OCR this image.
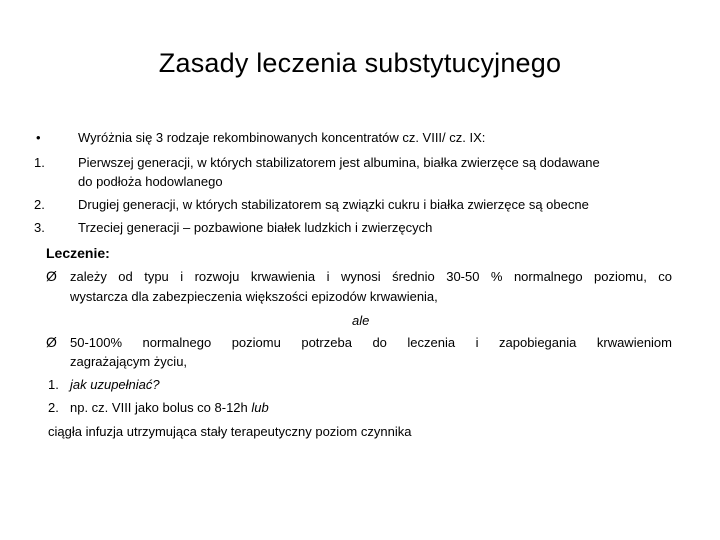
Zasady leczenia substytucyjnego
•	Wyróżnia się 3 rodzaje rekombinowanych koncentratów cz. VIII/ cz. IX:
1.	Pierwszej generacji, w których stabilizatorem jest albumina, białka zwierzęce są dodawane
do podłoża hodowlanego
2.	Drugiej generacji, w których stabilizatorem są związki cukru i białka zwierzęce są obecne
3.	Trzeciej generacji – pozbawione białek ludzkich i zwierzęcych
Leczenie:
Ø zależy od typu i rozwoju krwawienia i wynosi średnio 30-50 % normalnego poziomu, co
wystarcza dla zabezpieczenia większości epizodów krwawienia,
ale
Ø 50-100% normalnego poziomu potrzeba do leczenia i zapobiegania krwawieniom
zagrażającym życiu,
1. jak uzupełniać?
2. np. cz. VIII jako bolus co 8-12h lub
ciągła infuzja utrzymująca stały terapeutyczny poziom czynnika
